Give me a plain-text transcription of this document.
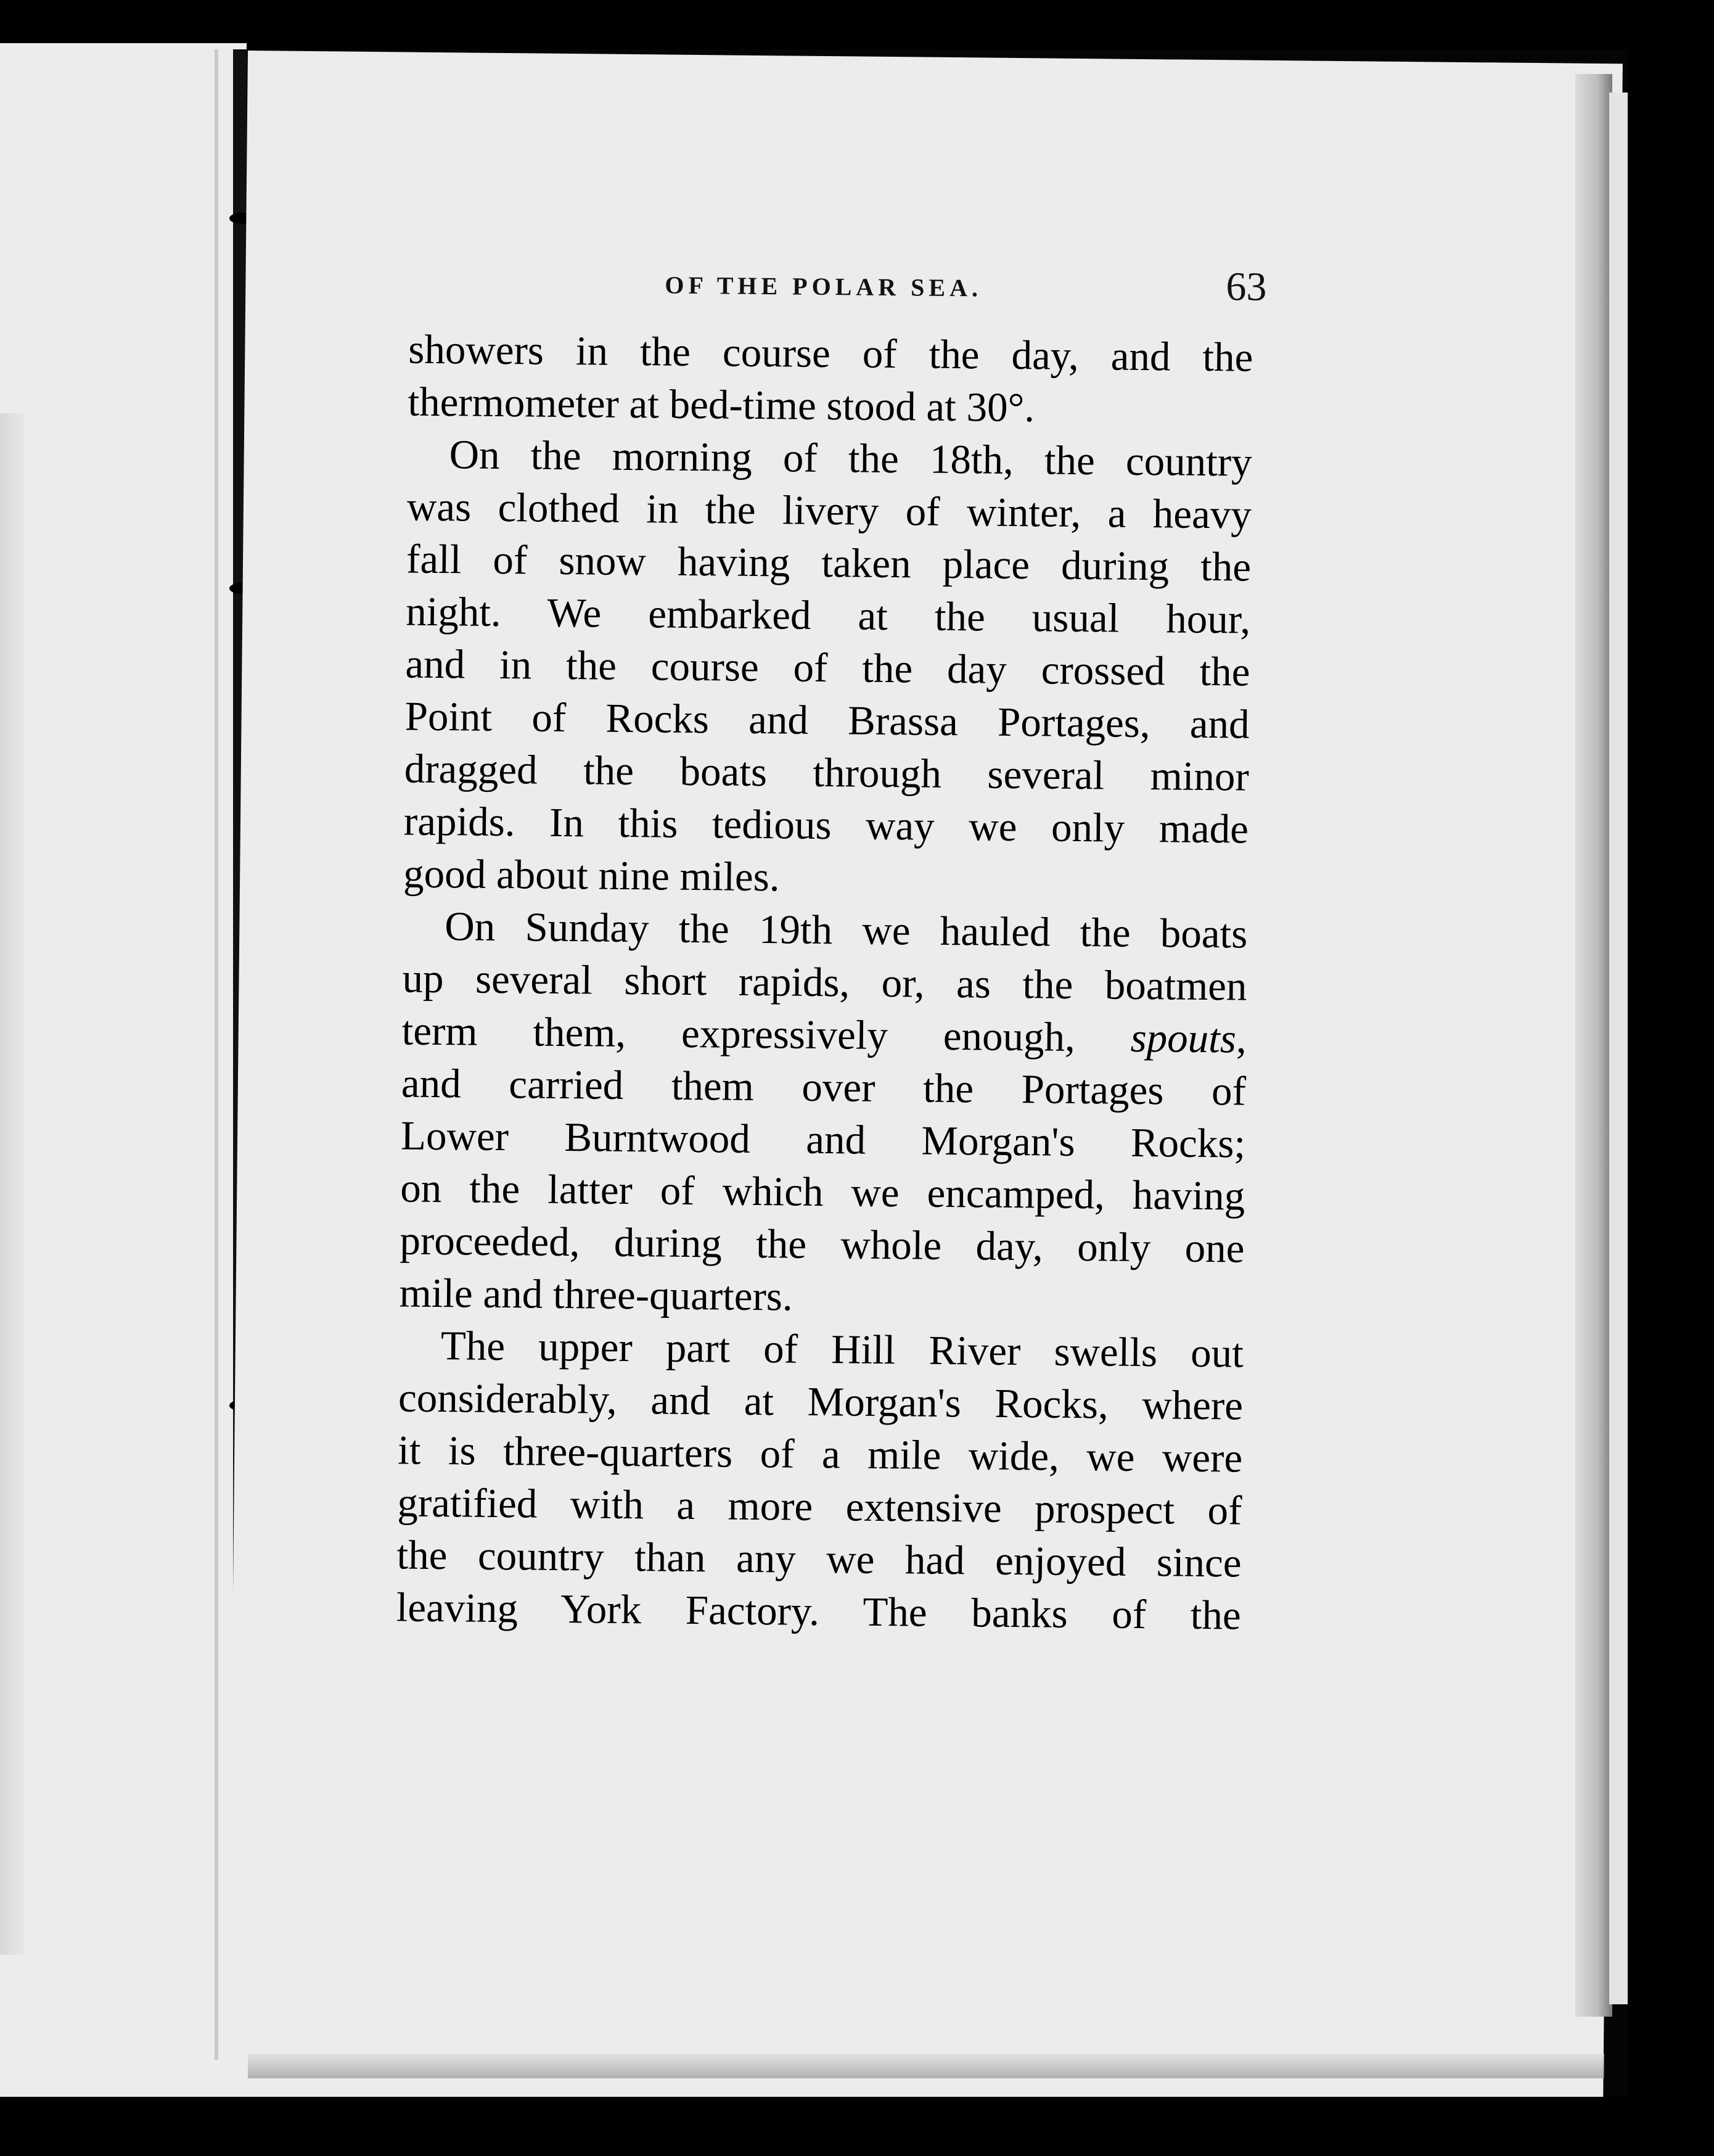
OF THE POLAR SEA.	63
showers in the course of the day, and the
thermometer at bed-time stood at 30°.
On the morning of the 18th, the country
was clothed in the livery of winter, a heavy
fall of snow having taken place during the
night. We embarked at the usual hour,
and in the course of the day crossed the
Point of Rocks and Brassa Portages, and
dragged the boats through several minor
rapids. In this tedious way we only made
good about nine miles.
On Sunday the 19th we hauled the boats
up several short rapids, or, as the boatmen
term them, expressively enough, spouts,
and carried them over the Portages of
Lower Burntwood and Morgan's Rocks;
on the latter of which we encamped, having
proceeded, during the whole day, only one
mile and three-quarters.
The upper part of Hill River swells out
considerably, and at Morgan's Rocks, where
it is three-quarters of a mile wide, we were
gratified with a more extensive prospect of
the country than any we had enjoyed since
leaving York Factory. The banks of the
